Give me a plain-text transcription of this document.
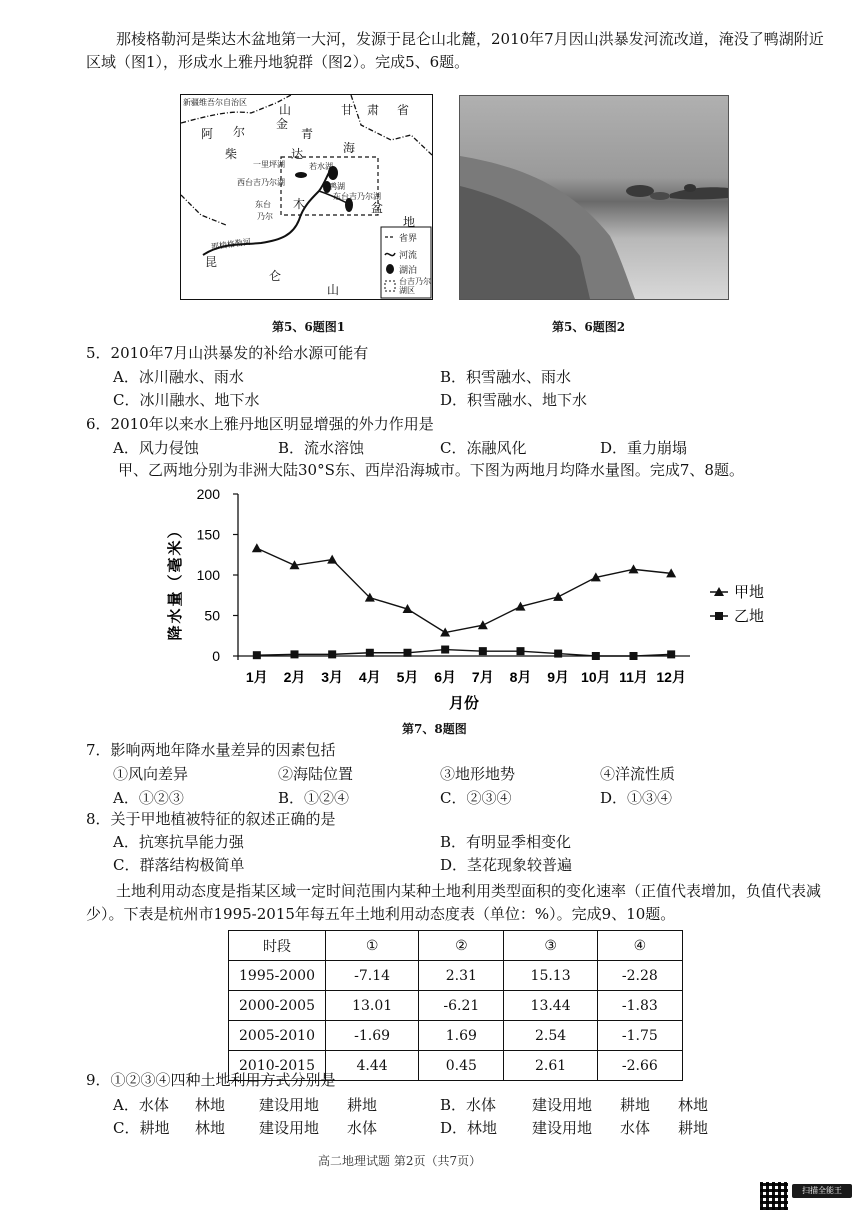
那棱格勒河是柴达木盆地第一大河，发源于昆仑山北麓，2010年7月因山洪暴发河流改道，淹没了鸭湖附近区域（图1），形成水上雅丹地貌群（图2）。完成5、6题。
新疆维吾尔自治区
阿 尔
金
山
青
甘 肃 省
柴	达	海
木	盆
地
昆
仑
山
一里坪湖	若水湖
鸭湖
西台吉乃尔湖
东台吉乃尔湖
那棱格勒河
东台
乃尔
省界
河流
湖泊
台吉乃尔湖区
第5、6题图1	第5、6题图2
5．2010年7月山洪暴发的补给水源可能有
A．冰川融水、雨水	B．积雪融水、雨水
C．冰川融水、地下水	D．积雪融水、地下水
6．2010年以来水上雅丹地区明显增强的外力作用是
A．风力侵蚀	B．流水溶蚀	C．冻融风化	D．重力崩塌
甲、乙两地分别为非洲大陆30°S东、西岸沿海城市。下图为两地月均降水量图。完成7、8题。
0
50
100
150
200
1月 2月 3月 4月 5月 6月 7月 8月 9月 10月 11月 12月
月份
降水量（毫米）	甲地
乙地
第7、8题图
7．影响两地年降水量差异的因素包括
①风向差异	②海陆位置	③地形地势	④洋流性质
A．①②③	B．①②④	C．②③④	D．①③④
8．关于甲地植被特征的叙述正确的是
A．抗寒抗旱能力强	B．有明显季相变化
C．群落结构极简单	D．茎花现象较普遍
土地利用动态度是指某区域一定时间范围内某种土地利用类型面积的变化速率（正值代表增加，负值代表减少）。下表是杭州市1995-2015年每五年土地利用动态度表（单位：%）。完成9、10题。
时段	①	②	③	④
1995-2000	-7.14	2.31	15.13	-2.28
2000-2005	13.01	-6.21	13.44	-1.83
2005-2010	-1.69	1.69	2.54	-1.75
2010-2015	4.44	0.45	2.61	-2.66
9．①②③④四种土地利用方式分别是
A．水体 林地 建设用地 耕地	B．水体 建设用地 耕地 林地
C．耕地 林地 建设用地 水体	D．林地 建设用地 水体 耕地
高二地理试题 第2页（共7页）
扫描全能王
